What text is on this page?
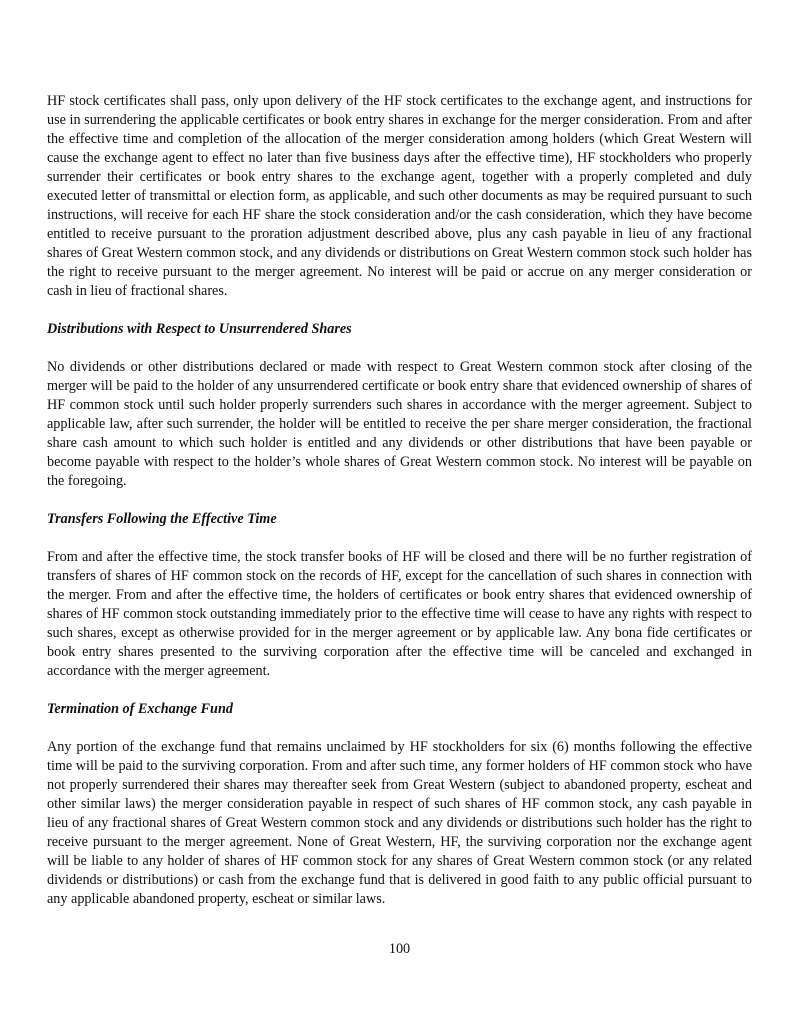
HF stock certificates shall pass, only upon delivery of the HF stock certificates to the exchange agent, and instructions for use in surrendering the applicable certificates or book entry shares in exchange for the merger consideration. From and after the effective time and completion of the allocation of the merger consideration among holders (which Great Western will cause the exchange agent to effect no later than five business days after the effective time), HF stockholders who properly surrender their certificates or book entry shares to the exchange agent, together with a properly completed and duly executed letter of transmittal or election form, as applicable, and such other documents as may be required pursuant to such instructions, will receive for each HF share the stock consideration and/or the cash consideration, which they have become entitled to receive pursuant to the proration adjustment described above, plus any cash payable in lieu of any fractional shares of Great Western common stock, and any dividends or distributions on Great Western common stock such holder has the right to receive pursuant to the merger agreement. No interest will be paid or accrue on any merger consideration or cash in lieu of fractional shares.

Distributions with Respect to Unsurrendered Shares

No dividends or other distributions declared or made with respect to Great Western common stock after closing of the merger will be paid to the holder of any unsurrendered certificate or book entry share that evidenced ownership of shares of HF common stock until such holder properly surrenders such shares in accordance with the merger agreement. Subject to applicable law, after such surrender, the holder will be entitled to receive the per share merger consideration, the fractional share cash amount to which such holder is entitled and any dividends or other distributions that have been payable or become payable with respect to the holder’s whole shares of Great Western common stock. No interest will be payable on the foregoing.

Transfers Following the Effective Time

From and after the effective time, the stock transfer books of HF will be closed and there will be no further registration of transfers of shares of HF common stock on the records of HF, except for the cancellation of such shares in connection with the merger. From and after the effective time, the holders of certificates or book entry shares that evidenced ownership of shares of HF common stock outstanding immediately prior to the effective time will cease to have any rights with respect to such shares, except as otherwise provided for in the merger agreement or by applicable law. Any bona fide certificates or book entry shares presented to the surviving corporation after the effective time will be canceled and exchanged in accordance with the merger agreement.

Termination of Exchange Fund

Any portion of the exchange fund that remains unclaimed by HF stockholders for six (6) months following the effective time will be paid to the surviving corporation. From and after such time, any former holders of HF common stock who have not properly surrendered their shares may thereafter seek from Great Western (subject to abandoned property, escheat and other similar laws) the merger consideration payable in respect of such shares of HF common stock, any cash payable in lieu of any fractional shares of Great Western common stock and any dividends or distributions such holder has the right to receive pursuant to the merger agreement. None of Great Western, HF, the surviving corporation nor the exchange agent will be liable to any holder of shares of HF common stock for any shares of Great Western common stock (or any related dividends or distributions) or cash from the exchange fund that is delivered in good faith to any public official pursuant to any applicable abandoned property, escheat or similar laws.

100
